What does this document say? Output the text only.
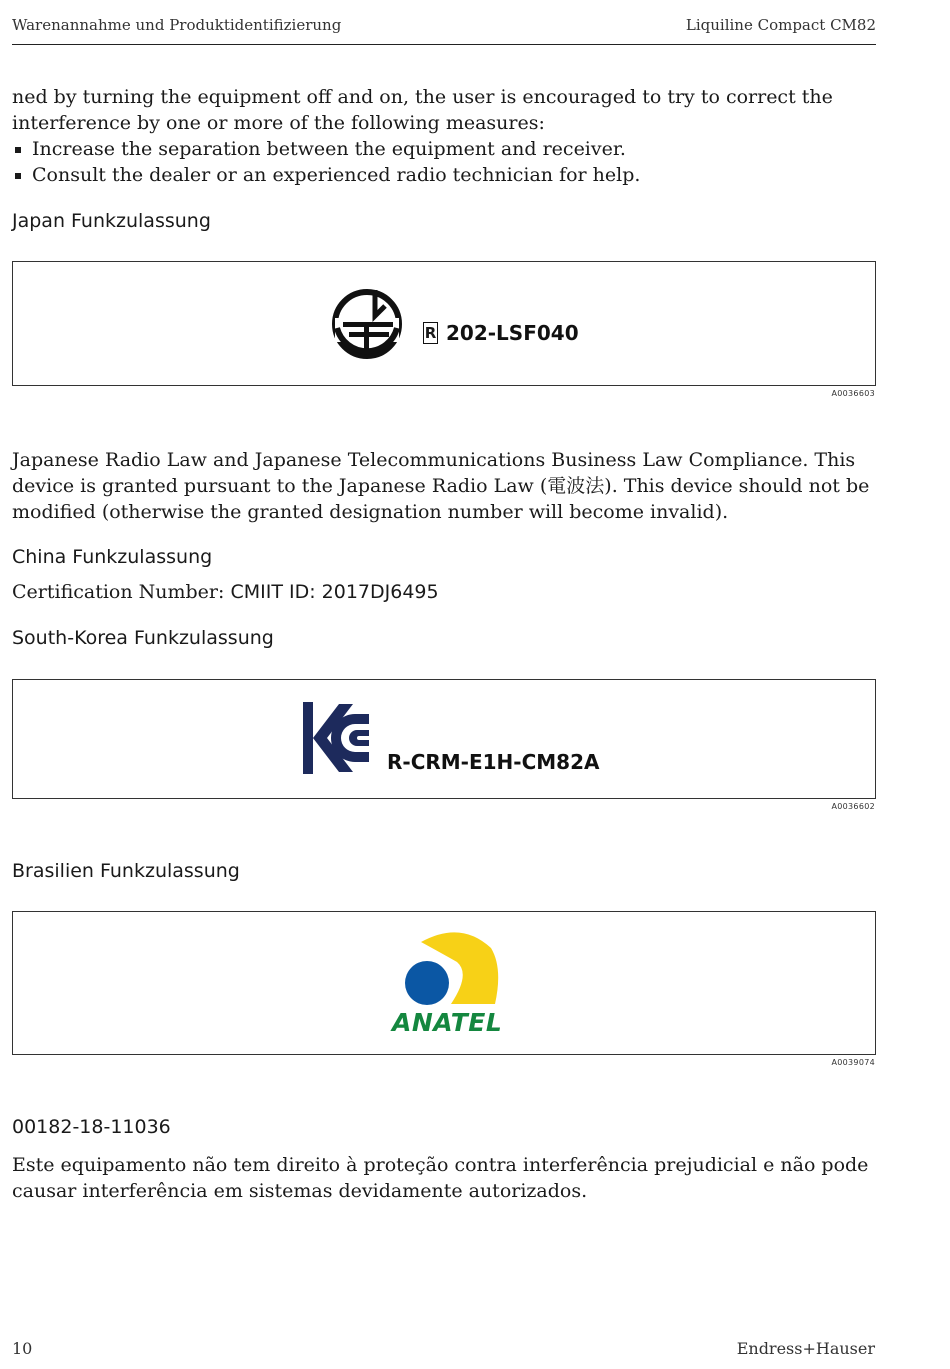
Warenannahme und Produktidentifizierung	Liquiline Compact CM82
ned by turning the equipment off and on, the user is encouraged to try to correct the interference by one or more of the following measures:
Increase the separation between the equipment and receiver.
Consult the dealer or an experienced radio technician for help.
Japan Funkzulassung
R 202-LSF040
A0036603
Japanese Radio Law and Japanese Telecommunications Business Law Compliance. This device is granted pursuant to the Japanese Radio Law (電波法). This device should not be modified (otherwise the granted designation number will become invalid).
China Funkzulassung
Certification Number: CMIIT ID: 2017DJ6495
South-Korea Funkzulassung
R-CRM-E1H-CM82A
A0036602
Brasilien Funkzulassung
ANATEL
A0039074
00182-18-11036
Este equipamento não tem direito à proteção contra interferência prejudicial e não pode causar interferência em sistemas devidamente autorizados.
10	Endress+Hauser
